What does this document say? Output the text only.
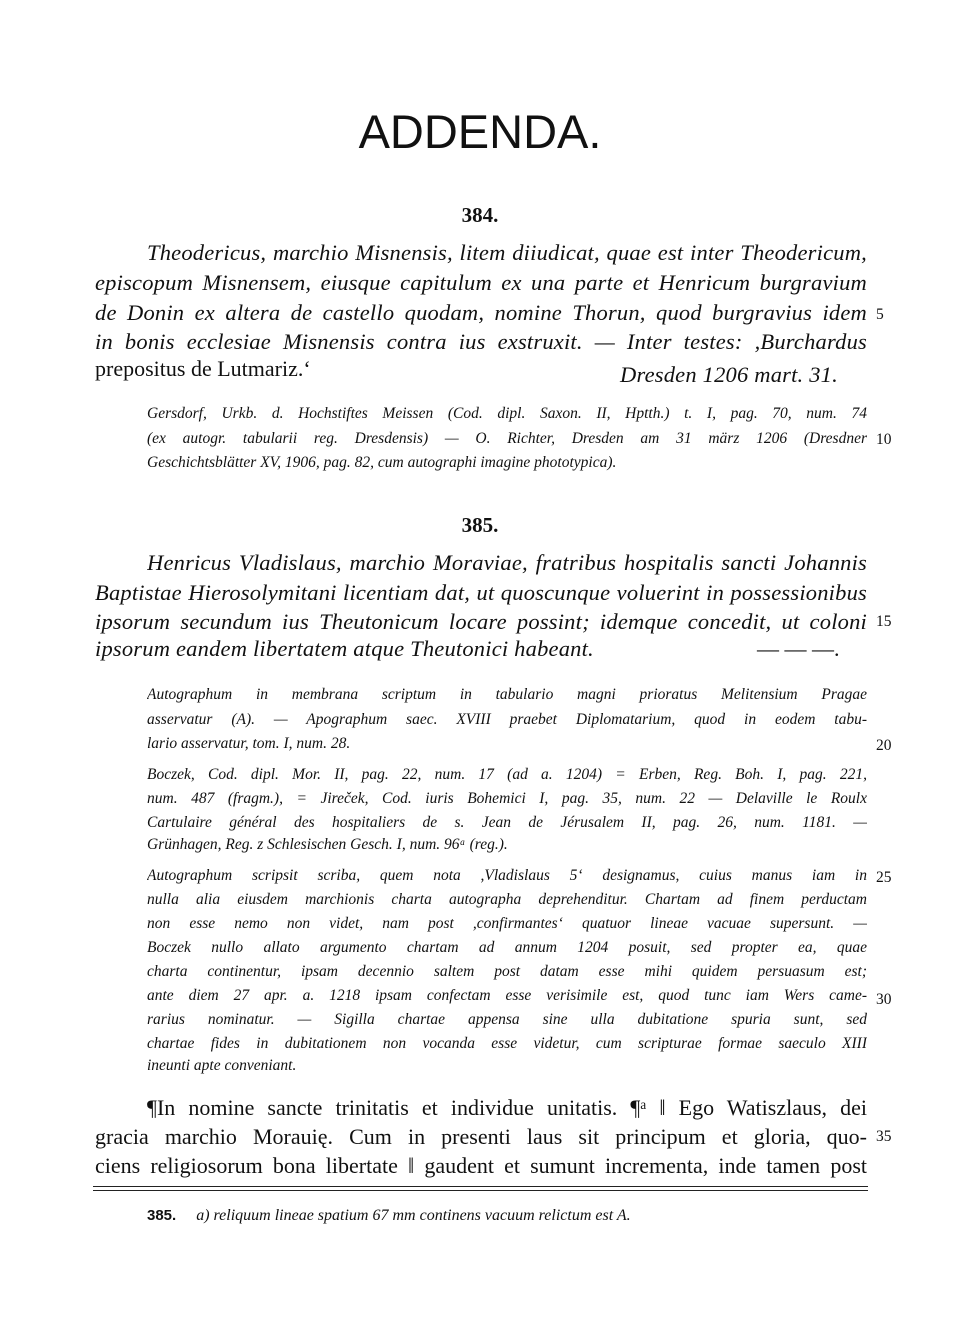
ADDENDA.
384.
Theodericus, marchio Misnensis, litem diiudicat, quae est inter Theodericum,
episcopum Misnensem, eiusque capitulum ex una parte et Henricum burgravium
de Donin ex altera de castello quodam, nomine Thorun, quod burgravius idem
in bonis ecclesiae Misnensis contra ius exstruxit. — Inter testes: ,Burchardus
prepositus de Lutmariz.‘	Dresden 1206 mart. 31.
Gersdorf, Urkb. d. Hochstiftes Meissen (Cod. dipl. Saxon. II, Hptth.) t. I, pag. 70, num. 74
(ex autogr. tabularii reg. Dresdensis) — O. Richter, Dresden am 31 märz 1206 (Dresdner
Geschichtsblätter XV, 1906, pag. 82, cum autographi imagine phototypica).
385.
Henricus Vladislaus, marchio Moraviae, fratribus hospitalis sancti Johannis
Baptistae Hierosolymitani licentiam dat, ut quoscunque voluerint in possessionibus
ipsorum secundum ius Theutonicum locare possint; idemque concedit, ut coloni
ipsorum eandem libertatem atque Theutonici habeant.	— — —.
Autographum in membrana scriptum in tabulario magni prioratus Melitensium Pragae
asservatur (A). — Apographum saec. XVIII praebet Diplomatarium, quod in eodem tabu-
lario asservatur, tom. I, num. 28.
Boczek, Cod. dipl. Mor. II, pag. 22, num. 17 (ad a. 1204) = Erben, Reg. Boh. I, pag. 221,
num. 487 (fragm.), = Jireček, Cod. iuris Bohemici I, pag. 35, num. 22 — Delaville le Roulx
Cartulaire général des hospitaliers de s. Jean de Jérusalem II, pag. 26, num. 1181. —
Grünhagen, Reg. z Schlesischen Gesch. I, num. 96ᵃ (reg.).
Autographum scripsit scriba, quem nota ,Vladislaus 5‘ designamus, cuius manus iam in
nulla alia eiusdem marchionis charta autographa deprehenditur. Chartam ad finem perductam
non esse nemo non videt, nam post ,confirmantes‘ quatuor lineae vacuae supersunt. —
Boczek nullo allato argumento chartam ad annum 1204 posuit, sed propter ea, quae
charta continentur, ipsam decennio saltem post datam esse mihi quidem persuasum est;
ante diem 27 apr. a. 1218 ipsam confectam esse verisimile est, quod tunc iam Wers came-
rarius nominatur. — Sigilla chartae appensa sine ulla dubitatione spuria sunt, sed
chartae fides in dubitationem non vocanda esse videtur, cum scripturae formae saeculo XIII
ineunti apte conveniant.
¶In nomine sancte trinitatis et individue unitatis. ¶ᵃ ‖ Ego Watiszlaus, dei
gracia marchio Morauię. Cum in presenti laus sit principum et gloria, quo-
ciens religiosorum bona libertate ‖ gaudent et sumunt incrementa, inde tamen post
5
10
15
20
25
30
35
385. a) reliquum lineae spatium 67 mm continens vacuum relictum est A.
